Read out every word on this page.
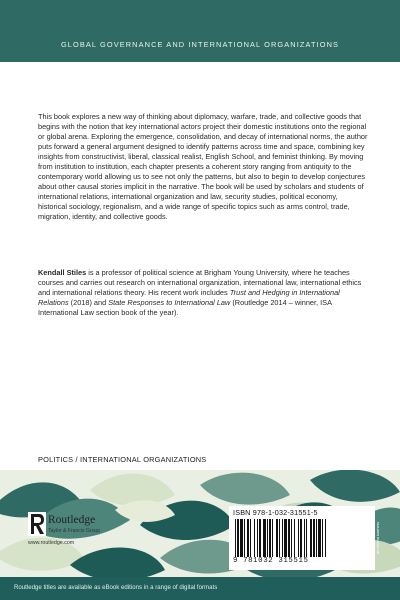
GLOBAL GOVERNANCE AND INTERNATIONAL ORGANIZATIONS

This book explores a new way of thinking about diplomacy, warfare, trade, and collective goods that begins with the notion that key international actors project their domestic institutions onto the regional or global arena. Exploring the emergence, consolidation, and decay of international norms, the author puts forward a general argument designed to identify patterns across time and space, combining key insights from constructivist, liberal, classical realist, English School, and feminist thinking. By moving from institution to institution, each chapter presents a coherent story ranging from antiquity to the contemporary world allowing us to see not only the patterns, but also to begin to develop conjectures about other causal stories implicit in the narrative. The book will be used by scholars and students of international relations, international organization and law, security studies, political economy, historical sociology, regionalism, and a wide range of specific topics such as arms control, trade, migration, identity, and collective goods.

Kendall Stiles is a professor of political science at Brigham Young University, where he teaches courses and carries out research on international organization, international law, international ethics and international relations theory. His recent work includes Trust and Hedging in International Relations (2018) and State Responses to International Law (Routledge 2014 – winner, ISA International Law section book of the year).

POLITICS / INTERNATIONAL ORGANIZATIONS
Routledge
Taylor & Francis Group
www.routledge.com
ISBN 978-1-032-31551-5
9 781032 315515
an informa business
Routledge titles are available as eBook editions in a range of digital formats
